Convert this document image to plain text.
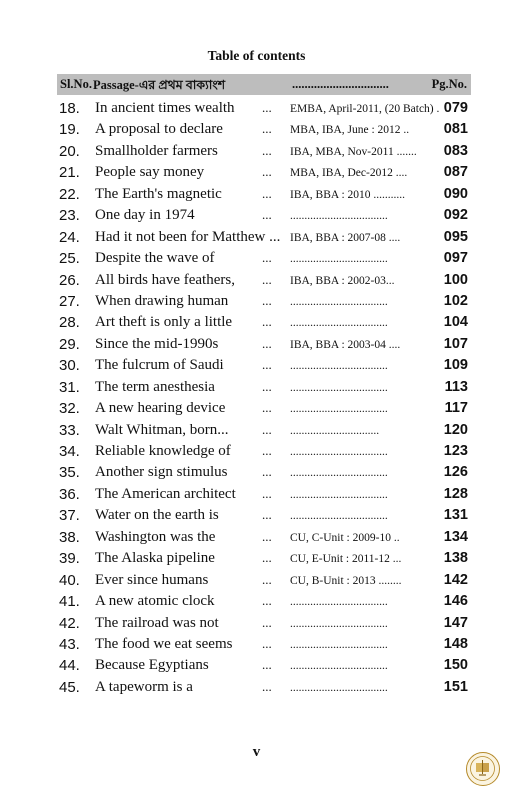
Table of contents
Sl.No. Passage-এর প্রথম বাক্যাংশ	...............................	Pg.No.
18. In ancient times wealth ... EMBA, April-2011, (20 Batch) . 079
19. A proposal to declare	... MBA, IBA, June : 2012 .. 081
20. Smallholder farmers	... IBA, MBA, Nov-2011 ....... 083
21. People say money	... MBA, IBA, Dec-2012 ....	087
22. The Earth's magnetic	... IBA, BBA : 2010 ...........	090
23. One day in 1974	... ..................................	092
24. Had it not been for Matthew ... IBA, BBA : 2007-08 ....	095
25. Despite the wave of	... ..................................	097
26. All birds have feathers, ... IBA, BBA : 2002-03...	100
27. When drawing human	... ..................................	102
28. Art theft is only a little ... ..................................	104
29. Since the mid-1990s	... IBA, BBA : 2003-04 ....	107
30. The fulcrum of Saudi	... ..................................	109
31. The term anesthesia	... ..................................	113
32. A new hearing device	... ..................................	117
33. Walt Whitman, born...	... ...............................	120
34. Reliable knowledge of ... ..................................	123
35. Another sign stimulus	... ..................................	126
36. The American architect ... ..................................	128
37. Water on the earth is	... ..................................	131
38. Washington was the	... CU, C-Unit : 2009-10 ..	134
39. The Alaska pipeline	... CU, E-Unit : 2011-12 ...	138
40. Ever since humans	... CU, B-Unit : 2013 ........	142
41. A new atomic clock	... ..................................	146
42. The railroad was not	... ..................................	147
43. The food we eat seems ... ..................................	148
44. Because Egyptians	... ..................................	150
45. A tapeworm is a	... ..................................	151
v
